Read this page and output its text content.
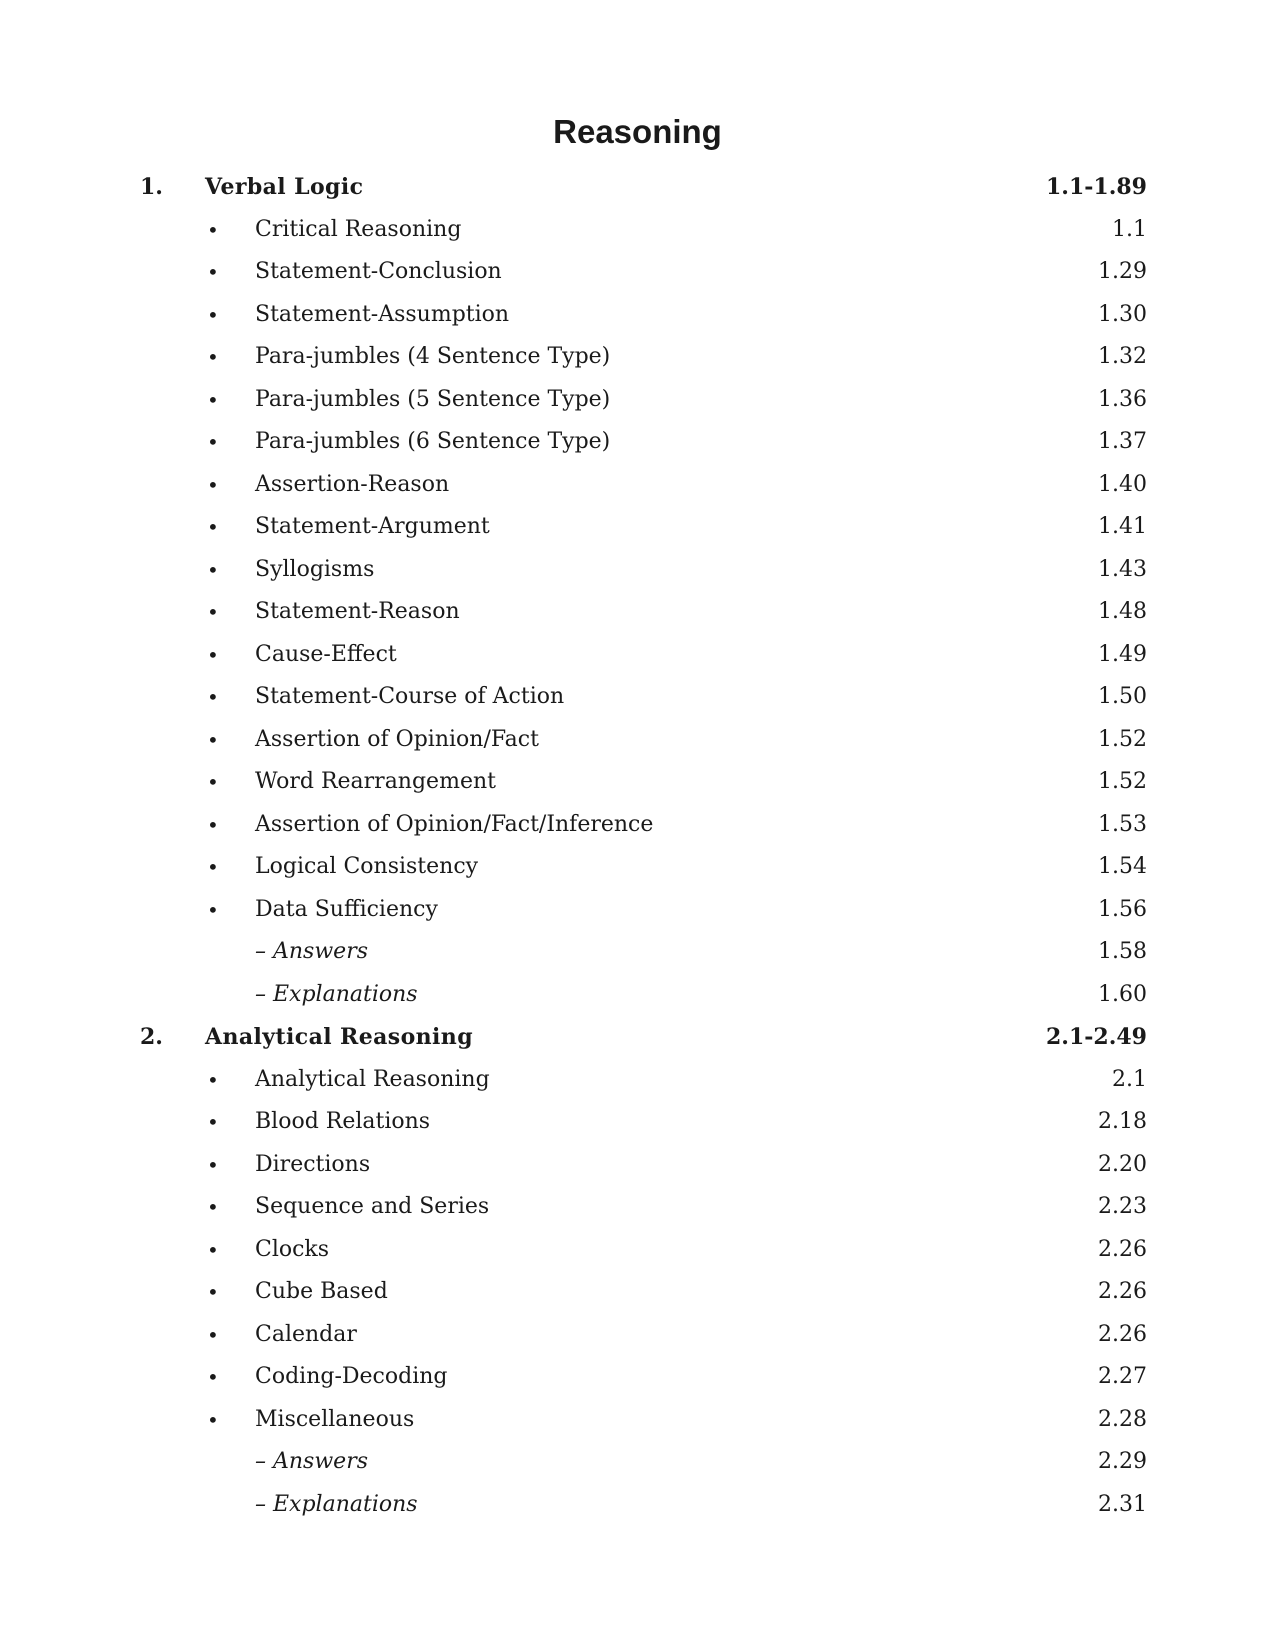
Reasoning
1. Verbal Logic	1.1-1.89
• Critical Reasoning	1.1
• Statement-Conclusion	1.29
• Statement-Assumption	1.30
• Para-jumbles (4 Sentence Type)	1.32
• Para-jumbles (5 Sentence Type)	1.36
• Para-jumbles (6 Sentence Type)	1.37
• Assertion-Reason	1.40
• Statement-Argument	1.41
• Syllogisms	1.43
• Statement-Reason	1.48
• Cause-Effect	1.49
• Statement-Course of Action	1.50
• Assertion of Opinion/Fact	1.52
• Word Rearrangement	1.52
• Assertion of Opinion/Fact/Inference	1.53
• Logical Consistency	1.54
• Data Sufficiency	1.56
– Answers	1.58
– Explanations	1.60
2. Analytical Reasoning	2.1-2.49
• Analytical Reasoning	2.1
• Blood Relations	2.18
• Directions	2.20
• Sequence and Series	2.23
• Clocks	2.26
• Cube Based	2.26
• Calendar	2.26
• Coding-Decoding	2.27
• Miscellaneous	2.28
– Answers	2.29
– Explanations	2.31
